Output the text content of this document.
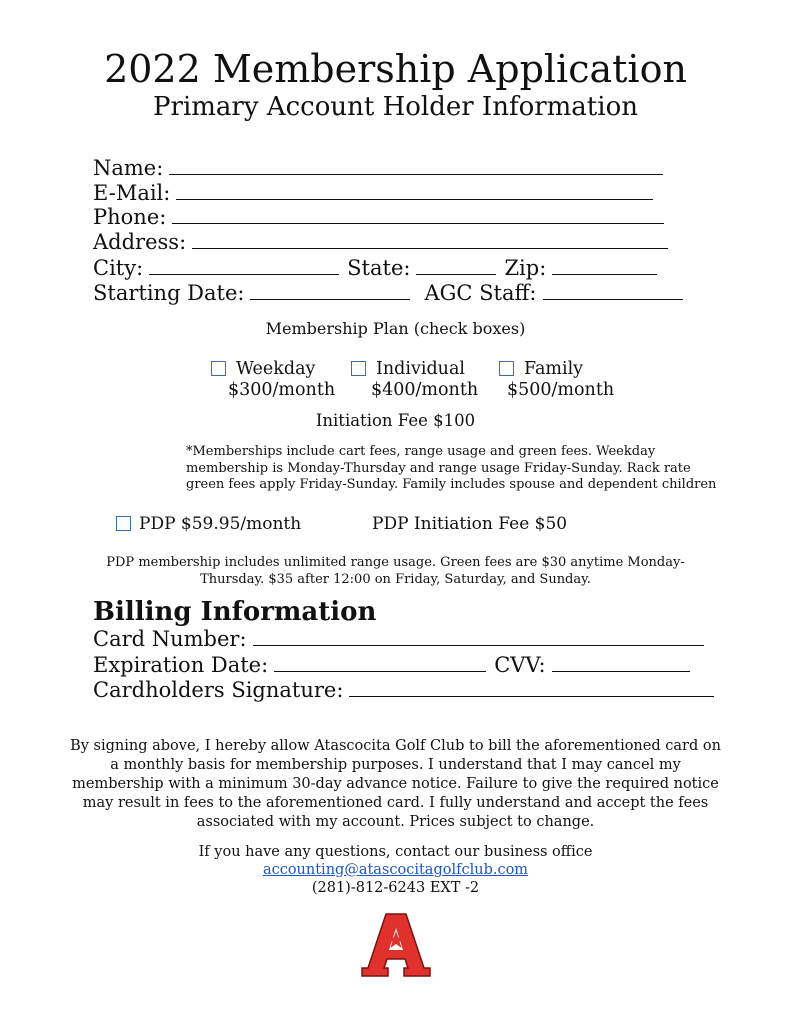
2022 Membership Application
Primary Account Holder Information
Name:
E-Mail:
Phone:
Address:
City:	State:	Zip:
Starting Date:	AGC Staff:
Membership Plan (check boxes)
Weekday
$300/month
Individual
$400/month
Family
$500/month
Initiation Fee $100
*Memberships include cart fees, range usage and green fees. Weekday
membership is Monday-Thursday and range usage Friday-Sunday. Rack rate
green fees apply Friday-Sunday. Family includes spouse and dependent children
PDP $59.95/month	PDP Initiation Fee $50
PDP membership includes unlimited range usage. Green fees are $30 anytime Monday-
Thursday. $35 after 12:00 on Friday, Saturday, and Sunday.
Billing Information
Card Number:
Expiration Date:	CVV:
Cardholders Signature:
By signing above, I hereby allow Atascocita Golf Club to bill the aforementioned card on
a monthly basis for membership purposes. I understand that I may cancel my
membership with a minimum 30-day advance notice. Failure to give the required notice
may result in fees to the aforementioned card. I fully understand and accept the fees
associated with my account. Prices subject to change.
If you have any questions, contact our business office
accounting@atascocitagolfclub.com
(281)-812-6243 EXT -2
